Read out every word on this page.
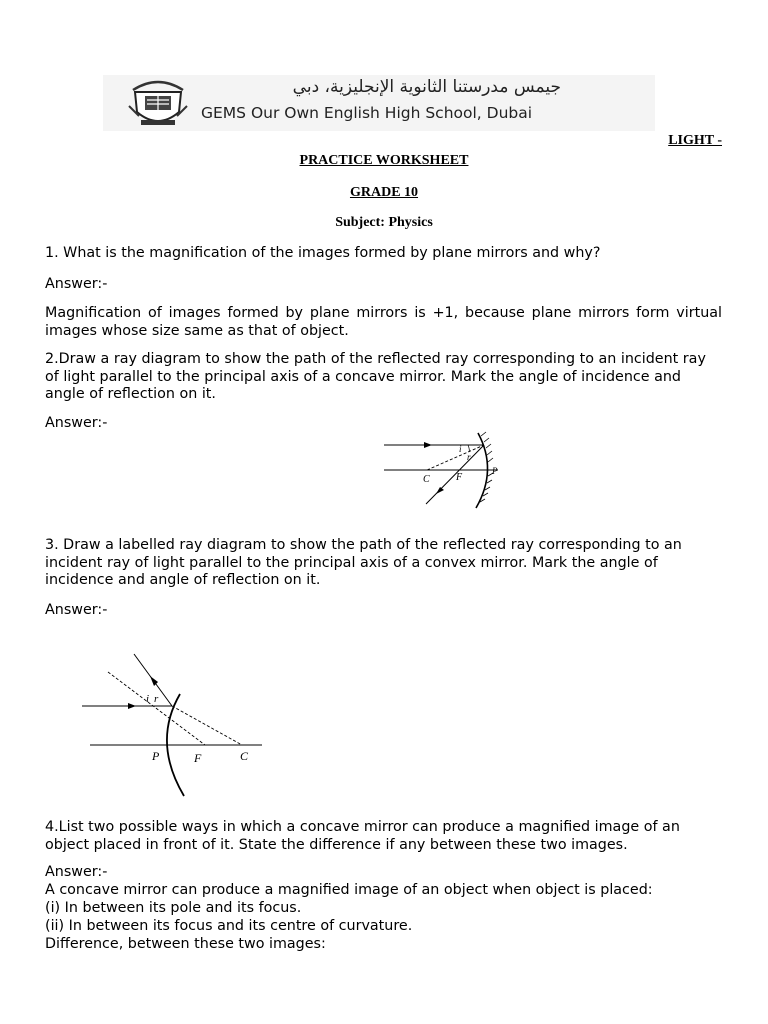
جيمس مدرستنا الثانوية الإنجليزية، دبي
GEMS Our Own English High School, Dubai
LIGHT -
PRACTICE WORKSHEET
GRADE 10
Subject: Physics
1. What is the magnification of the images formed by plane mirrors and why?
Answer:-
Magnification of images formed by plane mirrors is +1, because plane mirrors form virtual images whose size same as that of object.
2.Draw a ray diagram to show the path of the reflected ray corresponding to an incident ray of light parallel to the principal axis of a concave mirror. Mark the angle of incidence and angle of reflection on it.
Answer:-
i
r
C	F
P
3. Draw a labelled ray diagram to show the path of the reflected ray corresponding to an incident ray of light parallel to the principal axis of a convex mirror. Mark the angle of incidence and angle of reflection on it.
Answer:-
i r
P	F	C
4.List two possible ways in which a concave mirror can produce a magnified image of an object placed in front of it. State the difference if any between these two images.
Answer:-
A concave mirror can produce a magnified image of an object when object is placed:
(i) In between its pole and its focus.
(ii) In between its focus and its centre of curvature.
Difference, between these two images:
